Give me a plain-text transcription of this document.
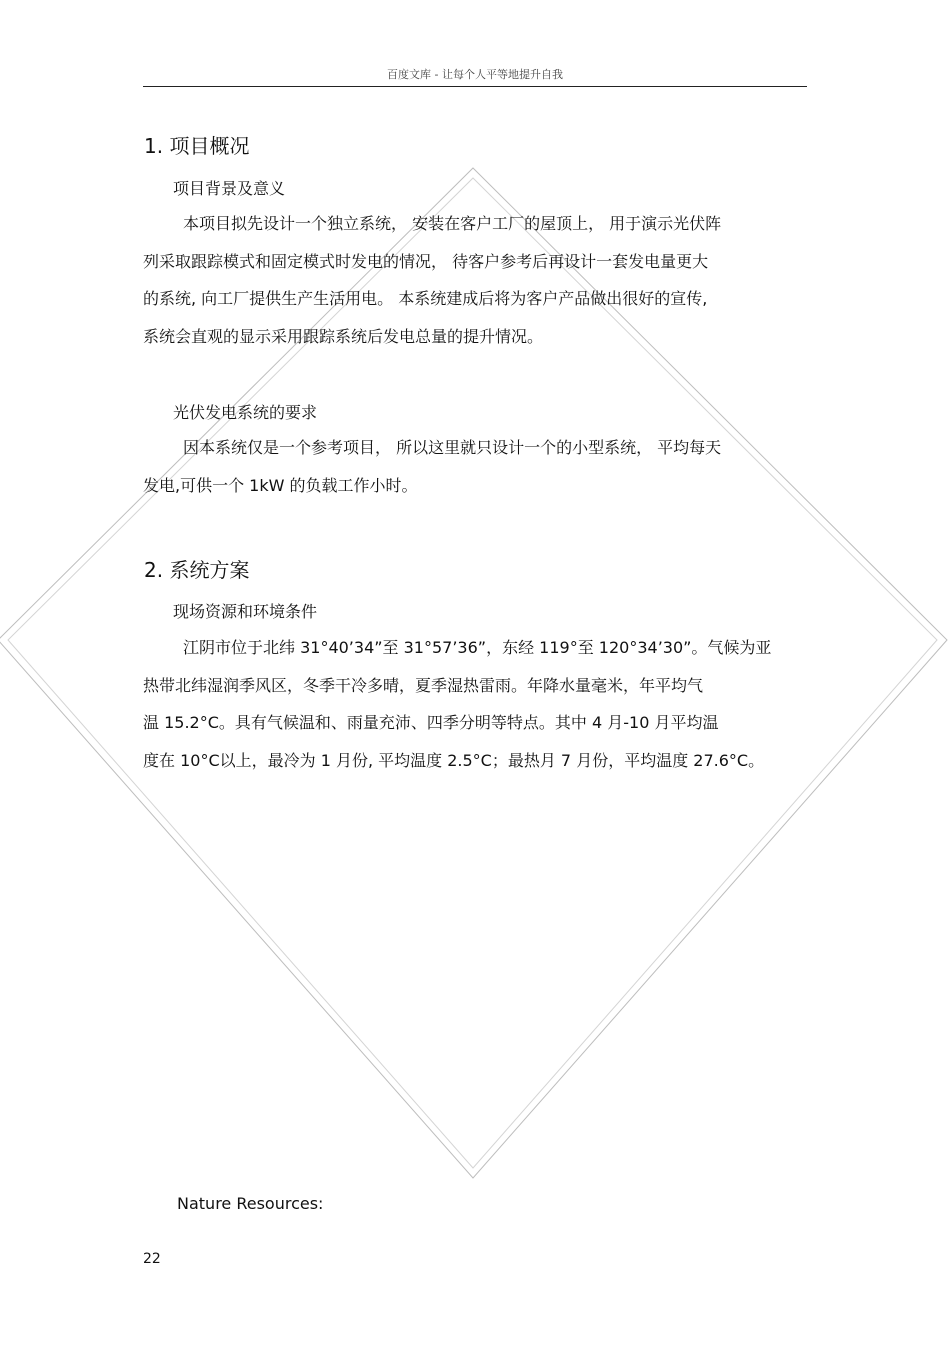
百度文库 - 让每个人平等地提升自我
1. 项目概况
项目背景及意义
本项目拟先设计一个独立系统， 安装在客户工厂的屋顶上， 用于演示光伏阵
列采取跟踪模式和固定模式时发电的情况， 待客户参考后再设计一套发电量更大
的系统, 向工厂提供生产生活用电。 本系统建成后将为客户产品做出很好的宣传,
系统会直观的显示采用跟踪系统后发电总量的提升情况。
光伏发电系统的要求
因本系统仅是一个参考项目， 所以这里就只设计一个的小型系统， 平均每天
发电,可供一个 1kW 的负载工作小时。
2. 系统方案
现场资源和环境条件
江阴市位于北纬 31°40’34”至 31°57’36”，东经 119°至 120°34’30”。气候为亚
热带北纬湿润季风区，冬季干冷多晴，夏季湿热雷雨。年降水量毫米，年平均气
温 15.2°C。具有气候温和、雨量充沛、四季分明等特点。其中 4 月-10 月平均温
度在 10°C以上，最冷为 1 月份, 平均温度 2.5°C；最热月 7 月份，平均温度 27.6°C。
Nature Resources:
22
